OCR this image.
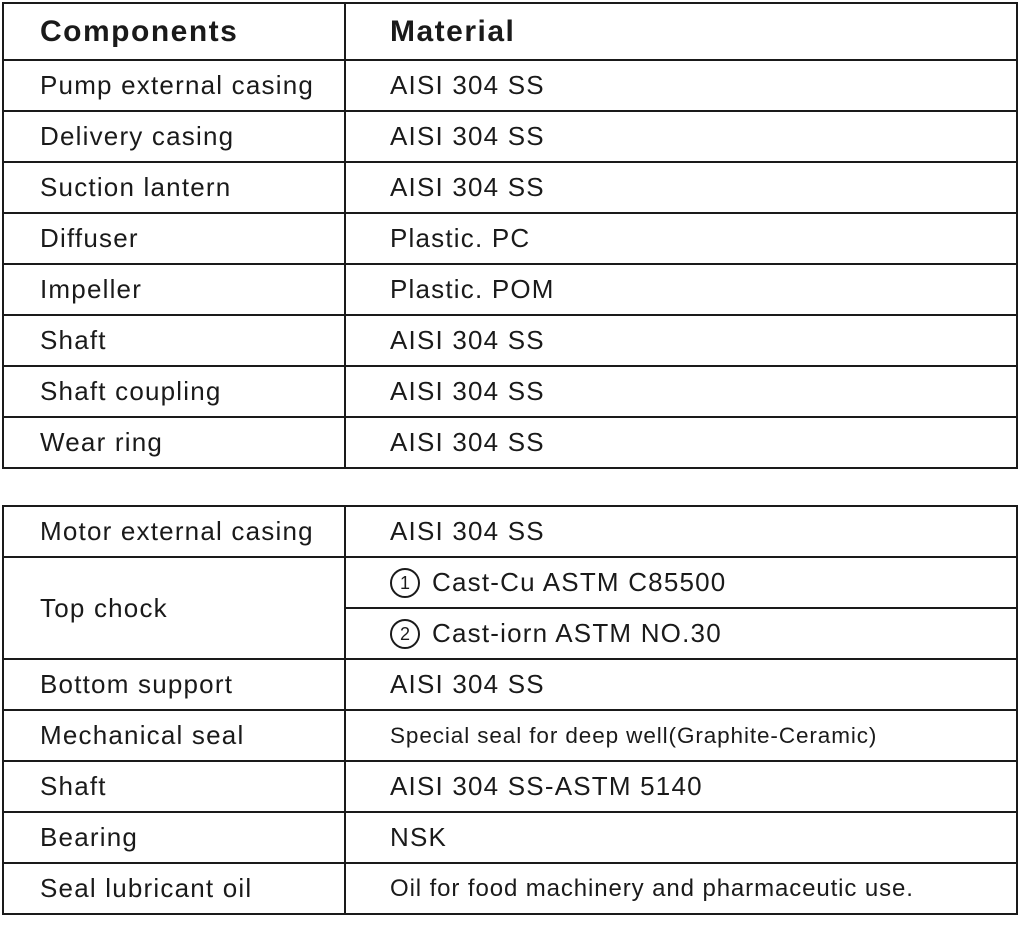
Components	Material
Pump external casing	AISI 304 SS
Delivery casing	AISI 304 SS
Suction lantern	AISI 304 SS
Diffuser	Plastic. PC
Impeller	Plastic. POM
Shaft	AISI 304 SS
Shaft coupling	AISI 304 SS
Wear ring	AISI 304 SS
Motor external casing	AISI 304 SS
Top chock	1 Cast-Cu ASTM C85500
	2 Cast-iorn ASTM NO.30
Bottom support	AISI 304 SS
Mechanical seal	Special seal for deep well(Graphite-Ceramic)
Shaft	AISI 304 SS-ASTM 5140
Bearing	NSK
Seal lubricant oil	Oil for food machinery and pharmaceutic use.
